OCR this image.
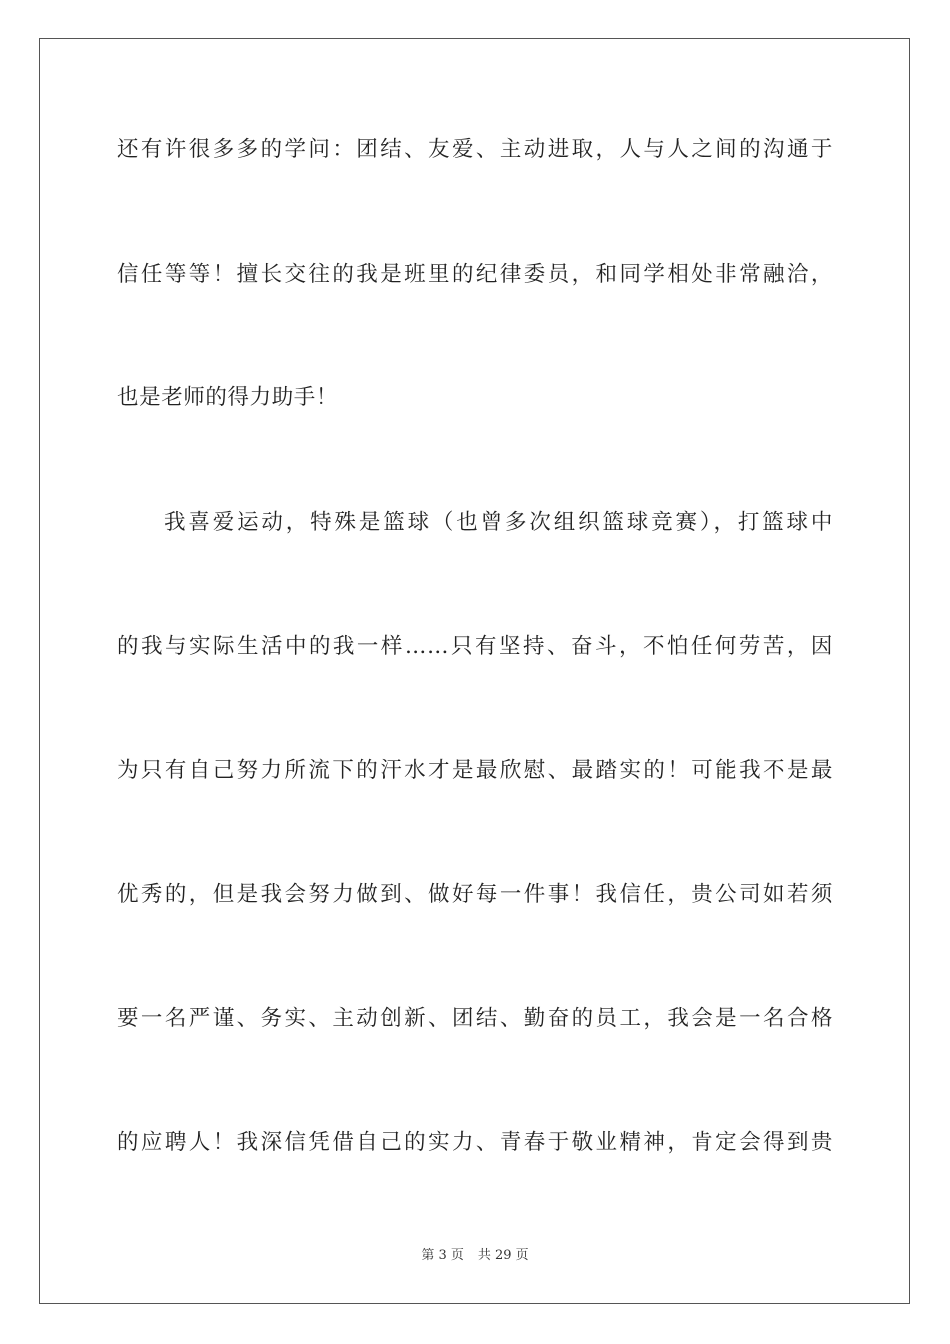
还有许很多多的学问：团结、友爱、主动进取，人与人之间的沟通于
信任等等！擅长交往的我是班里的纪律委员，和同学相处非常融洽，
也是老师的得力助手！
我喜爱运动，特殊是篮球（也曾多次组织篮球竞赛），打篮球中
的我与实际生活中的我一样……只有坚持、奋斗，不怕任何劳苦，因
为只有自己努力所流下的汗水才是最欣慰、最踏实的！可能我不是最
优秀的，但是我会努力做到、做好每一件事！我信任，贵公司如若须
要一名严谨、务实、主动创新、团结、勤奋的员工，我会是一名合格
的应聘人！我深信凭借自己的实力、青春于敬业精神，肯定会得到贵
第 3 页 共 29 页
